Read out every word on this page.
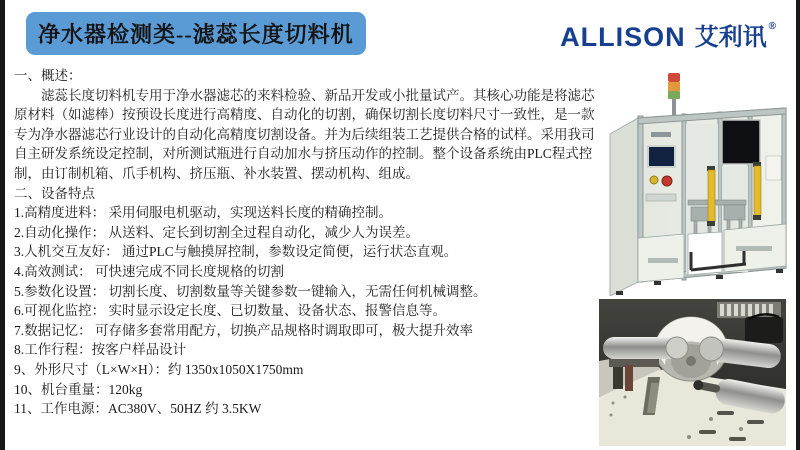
净水器检测类--滤蕊长度切料机	ALLISON 艾利讯 ®

一、概述：

滤蕊长度切料机专用于净水器滤芯的来料检验、新品开发或小批量试产。其核心功能是将滤芯原材料（如滤棒）按预设长度进行高精度、自动化的切割，确保切割长度切料尺寸一致性，是一款专为净水器滤芯行业设计的自动化高精度切割设备。并为后续组装工艺提供合格的试样。采用我司自主研发系统设定控制，对所测试瓶进行自动加水与挤压动作的控制。整个设备系统由PLC程式控制，由订制机箱、爪手机构、挤压瓶、补水装置、摆动机构、组成。

二、设备特点

1.高精度进料： 采用伺服电机驱动，实现送料长度的精确控制。
2.自动化操作： 从送料、定长到切割全过程自动化，减少人为误差。
3.人机交互友好： 通过PLC与触摸屏控制，参数设定简便，运行状态直观。
4.高效测试： 可快速完成不同长度规格的切割
5.参数化设置： 切割长度、切割数量等关键参数一键输入，无需任何机械调整。
6.可视化监控： 实时显示设定长度、已切数量、设备状态、报警信息等。
7.数据记忆： 可存储多套常用配方，切换产品规格时调取即可，极大提升效率
8.工作行程：按客户样品设计
9、外形尺寸（L×W×H）：约 1350x1050X1750mm
10、机台重量：120kg
11、工作电源：AC380V、50HZ 约 3.5KW
